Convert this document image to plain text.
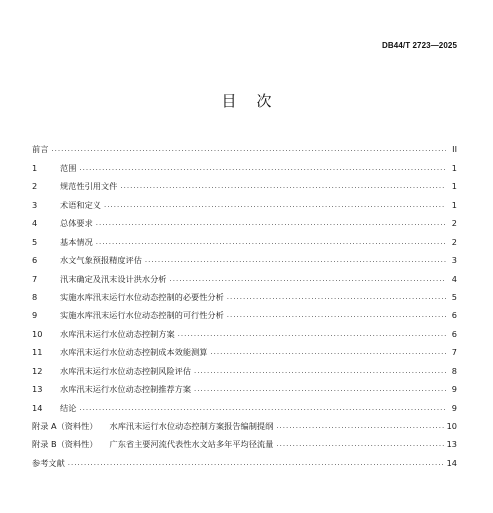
DB44/T 2723—2025
目 次
前言 . . .	II
1	范围 . . .	1
2	规范性引用文件 . . .	1
3	术语和定义 . . .	1
4	总体要求 . . .	2
5	基本情况 . . .	2
6	水文气象预报精度评估 . . .	3
7	汛末确定及汛末设计洪水分析 . . .	4
8	实施水库汛末运行水位动态控制的必要性分析 . . .	5
9	实施水库汛末运行水位动态控制的可行性分析 . . .	6
10	水库汛末运行水位动态控制方案 . . .	6
11	水库汛末运行水位动态控制成本效能测算 . . .	7
12	水库汛末运行水位动态控制风险评估 . . .	8
13	水库汛末运行水位动态控制推荐方案 . . .	9
14	结论 . . .	9
附录 A（资料性） 水库汛末运行水位动态控制方案报告编制提纲 . . .	10
附录 B（资料性） 广东省主要河流代表性水文站多年平均径流量 . . .	13
参考文献 . . .	14
